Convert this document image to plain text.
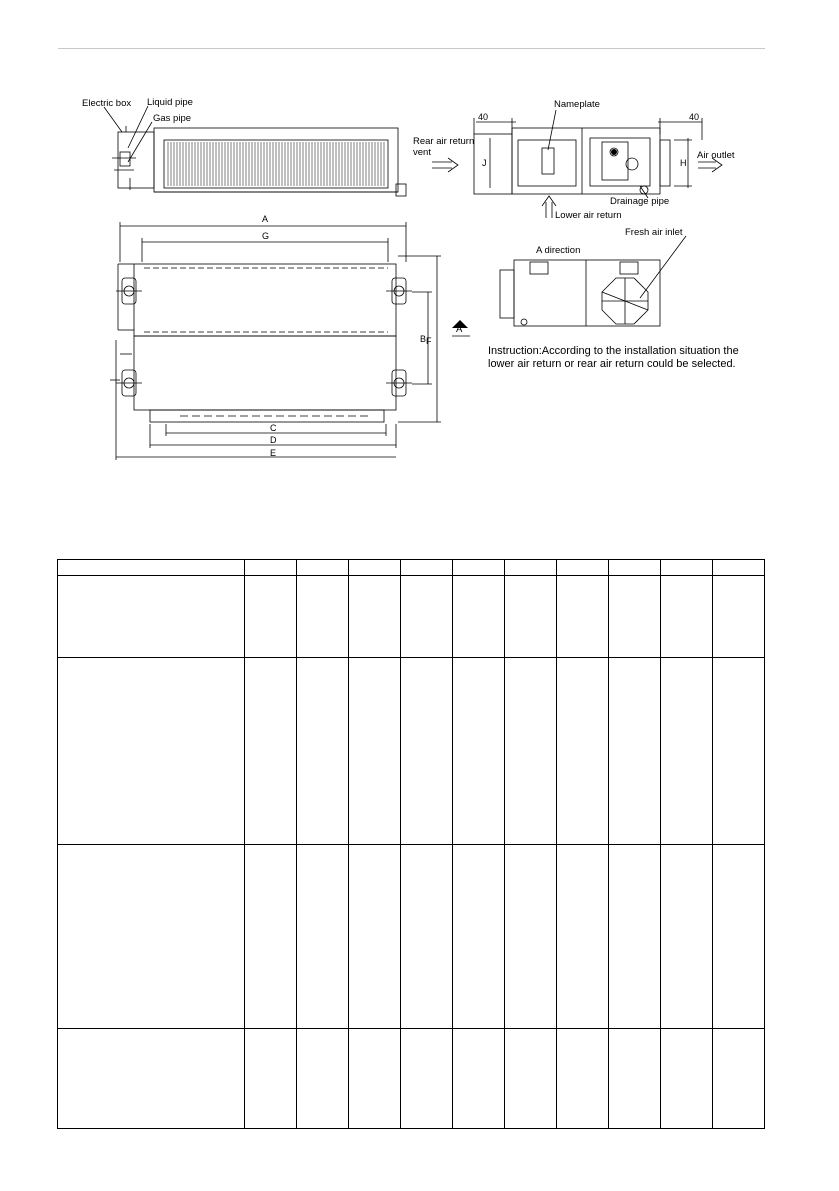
Electric box Liquid pipe
Gas pipe
Nameplate
Rear air return
vent	Air outlet
Drainage pipe
Lower air return
Fresh air inlet
A direction
A
A
G
C
D
E
B F
H
J
40	40
Instruction:According to the installation situation the lower air return or rear air return could be selected.
